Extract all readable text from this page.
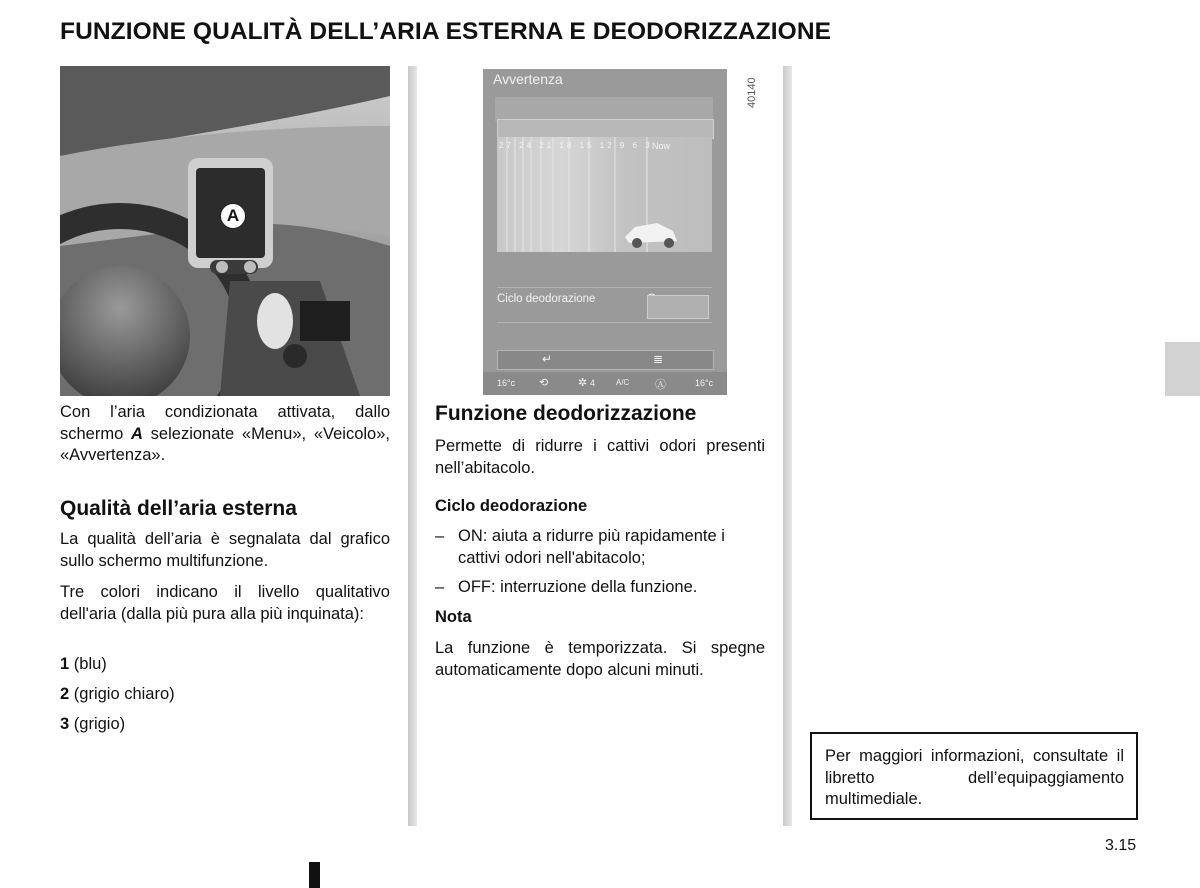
FUNZIONE QUALITÀ DELL’ARIA ESTERNA E DEODORIZZAZIONE
40140
A
Avvertenza
27 24 21 18 15 12 9 6 3 Now
Ciclo deodorazione
↵	≣
16°c ⟲	✲ 4	A/C Ⓐ	16°c
Con l’aria condizionata attivata, dallo schermo A selezionate «Menu», «Veicolo», «Avvertenza».
Qualità dell’aria esterna
La qualità dell’aria è segnalata dal grafico sullo schermo multifunzione.
Tre colori indicano il livello qualitativo dell'aria (dalla più pura alla più inquinata):
1 (blu)
2 (grigio chiaro)
3 (grigio)
Funzione deodorizzazione
Permette di ridurre i cattivi odori presenti nell’abitacolo.
Ciclo deodorazione
– ON: aiuta a ridurre più rapidamente i cattivi odori nell'abitacolo;
– OFF: interruzione della funzione.
Nota
La funzione è temporizzata. Si spegne automaticamente dopo alcuni minuti.
Per maggiori informazioni, consultate il libretto dell’equipaggiamento multimediale.
3.15
